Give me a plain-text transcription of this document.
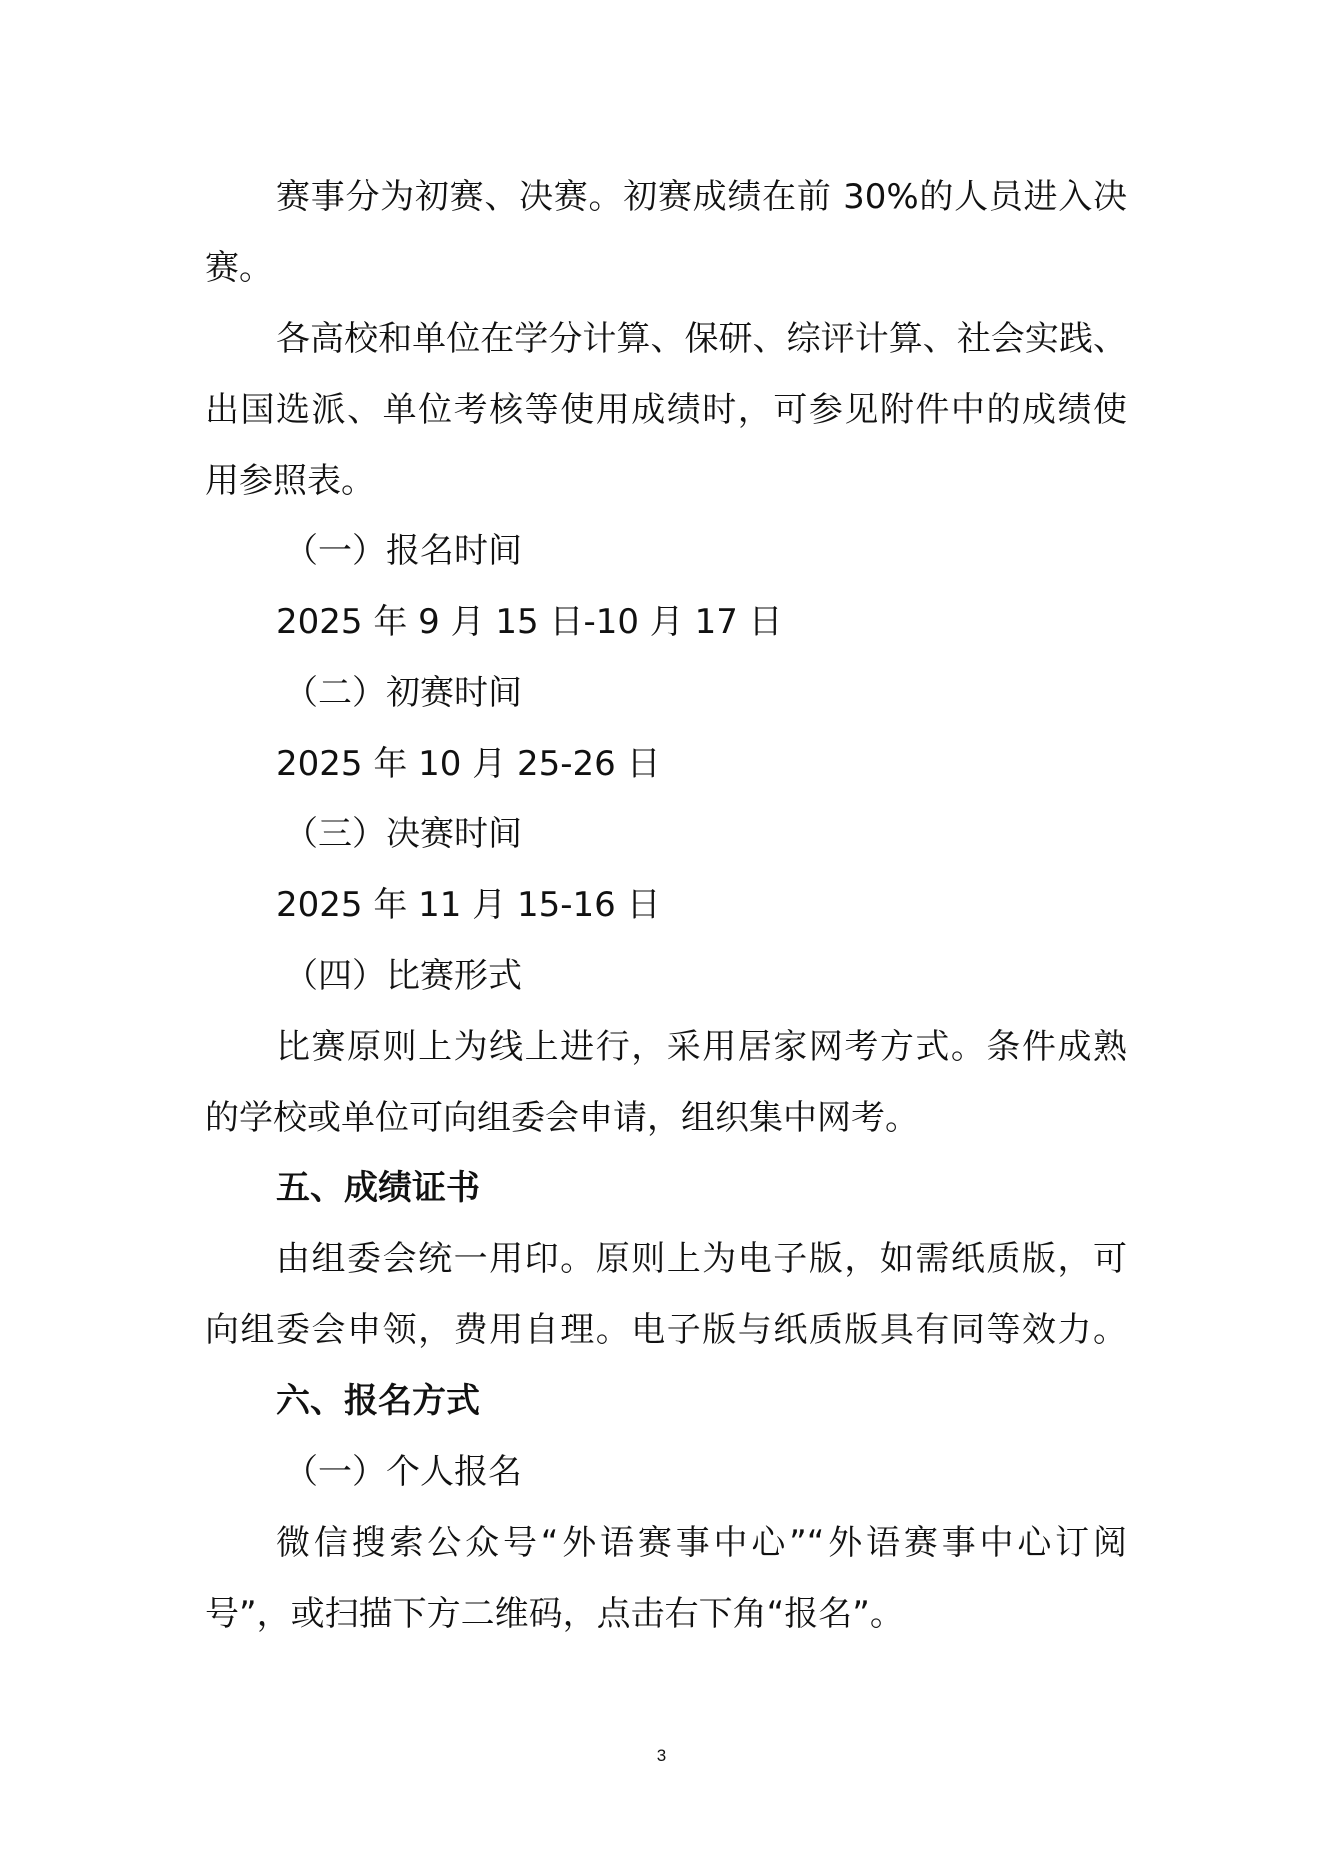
赛事分为初赛、决赛。初赛成绩在前 30%的人员进入决
赛。
各高校和单位在学分计算、保研、综评计算、社会实践、
出国选派、单位考核等使用成绩时，可参见附件中的成绩使
用参照表。
（一）报名时间
2025 年 9 月 15 日-10 月 17 日
（二）初赛时间
2025 年 10 月 25-26 日
（三）决赛时间
2025 年 11 月 15-16 日
（四）比赛形式
比赛原则上为线上进行，采用居家网考方式。条件成熟
的学校或单位可向组委会申请，组织集中网考。
五、成绩证书
由组委会统一用印。原则上为电子版，如需纸质版，可
向组委会申领，费用自理。电子版与纸质版具有同等效力。
六、报名方式
（一）个人报名
微信搜索公众号“外语赛事中心”“外语赛事中心订阅
号”，或扫描下方二维码，点击右下角“报名”。
3
